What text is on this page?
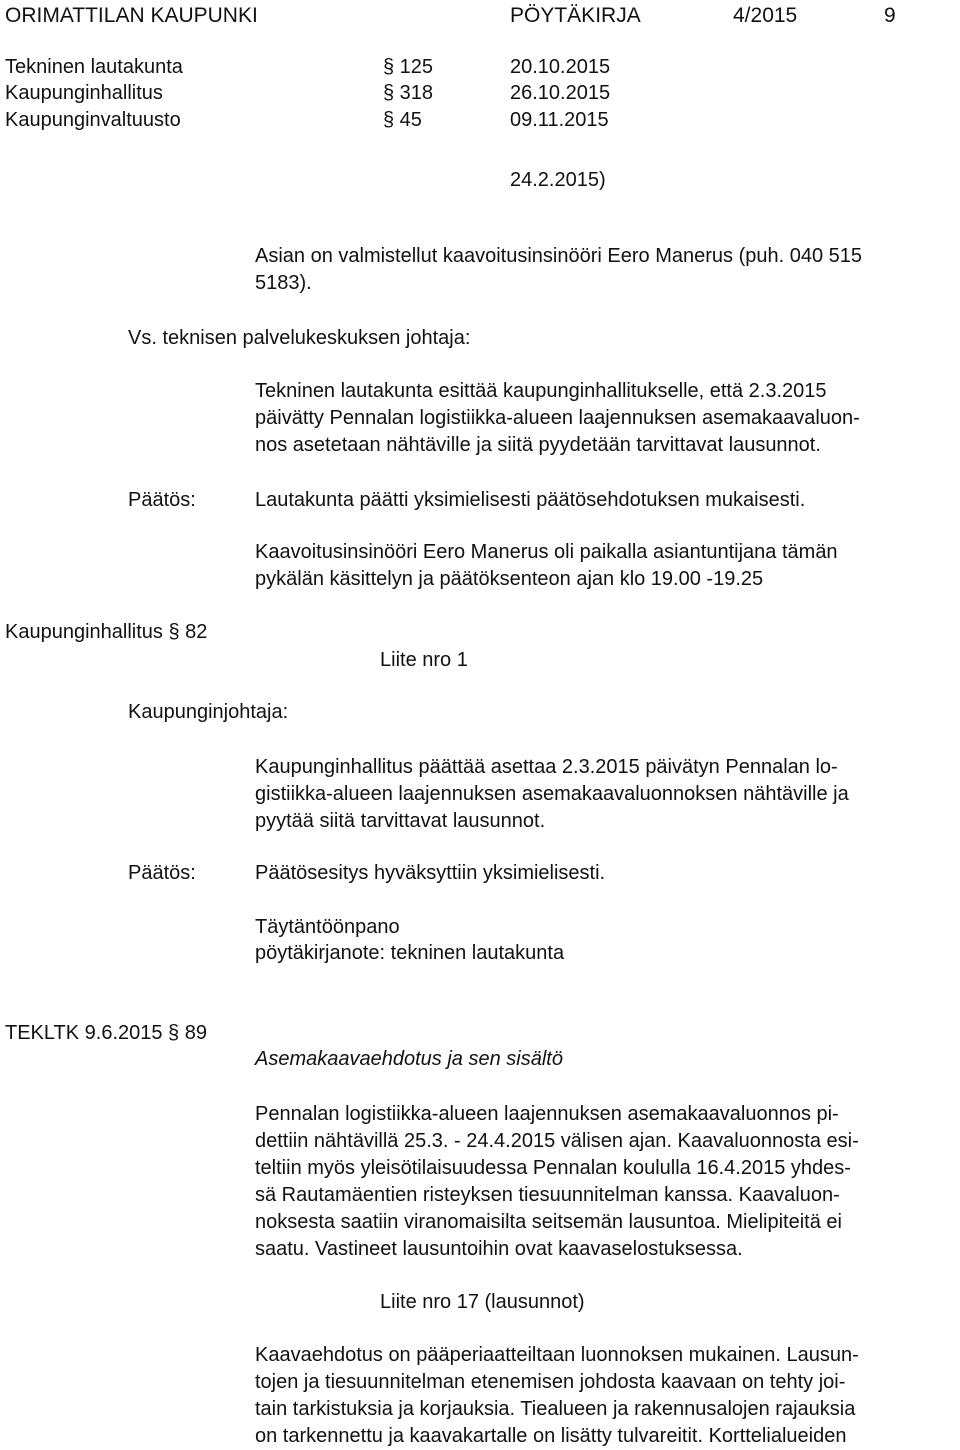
ORIMATTILAN KAUPUNKI	PÖYTÄKIRJA	4/2015	9
Tekninen lautakunta	§ 125	20.10.2015
Kaupunginhallitus	§ 318	26.10.2015
Kaupunginvaltuusto	§ 45	09.11.2015
24.2.2015)
Asian on valmistellut kaavoitusinsinööri Eero Manerus (puh. 040 515
5183).
Vs. teknisen palvelukeskuksen johtaja:
Tekninen lautakunta esittää kaupunginhallitukselle, että 2.3.2015
päivätty Pennalan logistiikka-alueen laajennuksen asemakaavaluon-
nos asetetaan nähtäville ja siitä pyydetään tarvittavat lausunnot.
Päätös:	Lautakunta päätti yksimielisesti päätösehdotuksen mukaisesti.
Kaavoitusinsinööri Eero Manerus oli paikalla asiantuntijana tämän
pykälän käsittelyn ja päätöksenteon ajan klo 19.00 -19.25
Kaupunginhallitus § 82
Liite nro 1
Kaupunginjohtaja:
Kaupunginhallitus päättää asettaa 2.3.2015 päivätyn Pennalan lo-
gistiikka-alueen laajennuksen asemakaavaluonnoksen nähtäville ja
pyytää siitä tarvittavat lausunnot.
Päätös:	Päätösesitys hyväksyttiin yksimielisesti.
Täytäntöönpano
pöytäkirjanote: tekninen lautakunta
TEKLTK 9.6.2015 § 89
Asemakaavaehdotus ja sen sisältö
Pennalan logistiikka-alueen laajennuksen asemakaavaluonnos pi-
dettiin nähtävillä 25.3. - 24.4.2015 välisen ajan. Kaavaluonnosta esi-
teltiin myös yleisötilaisuudessa Pennalan koululla 16.4.2015 yhdes-
sä Rautamäentien risteyksen tiesuunnitelman kanssa. Kaavaluon-
noksesta saatiin viranomaisilta seitsemän lausuntoa. Mielipiteitä ei
saatu. Vastineet lausuntoihin ovat kaavaselostuksessa.
Liite nro 17 (lausunnot)
Kaavaehdotus on pääperiaatteiltaan luonnoksen mukainen. Lausun-
tojen ja tiesuunnitelman etenemisen johdosta kaavaan on tehty joi-
tain tarkistuksia ja korjauksia. Tiealueen ja rakennusalojen rajauksia
on tarkennettu ja kaavakartalle on lisätty tulvareitit. Korttelialueiden
